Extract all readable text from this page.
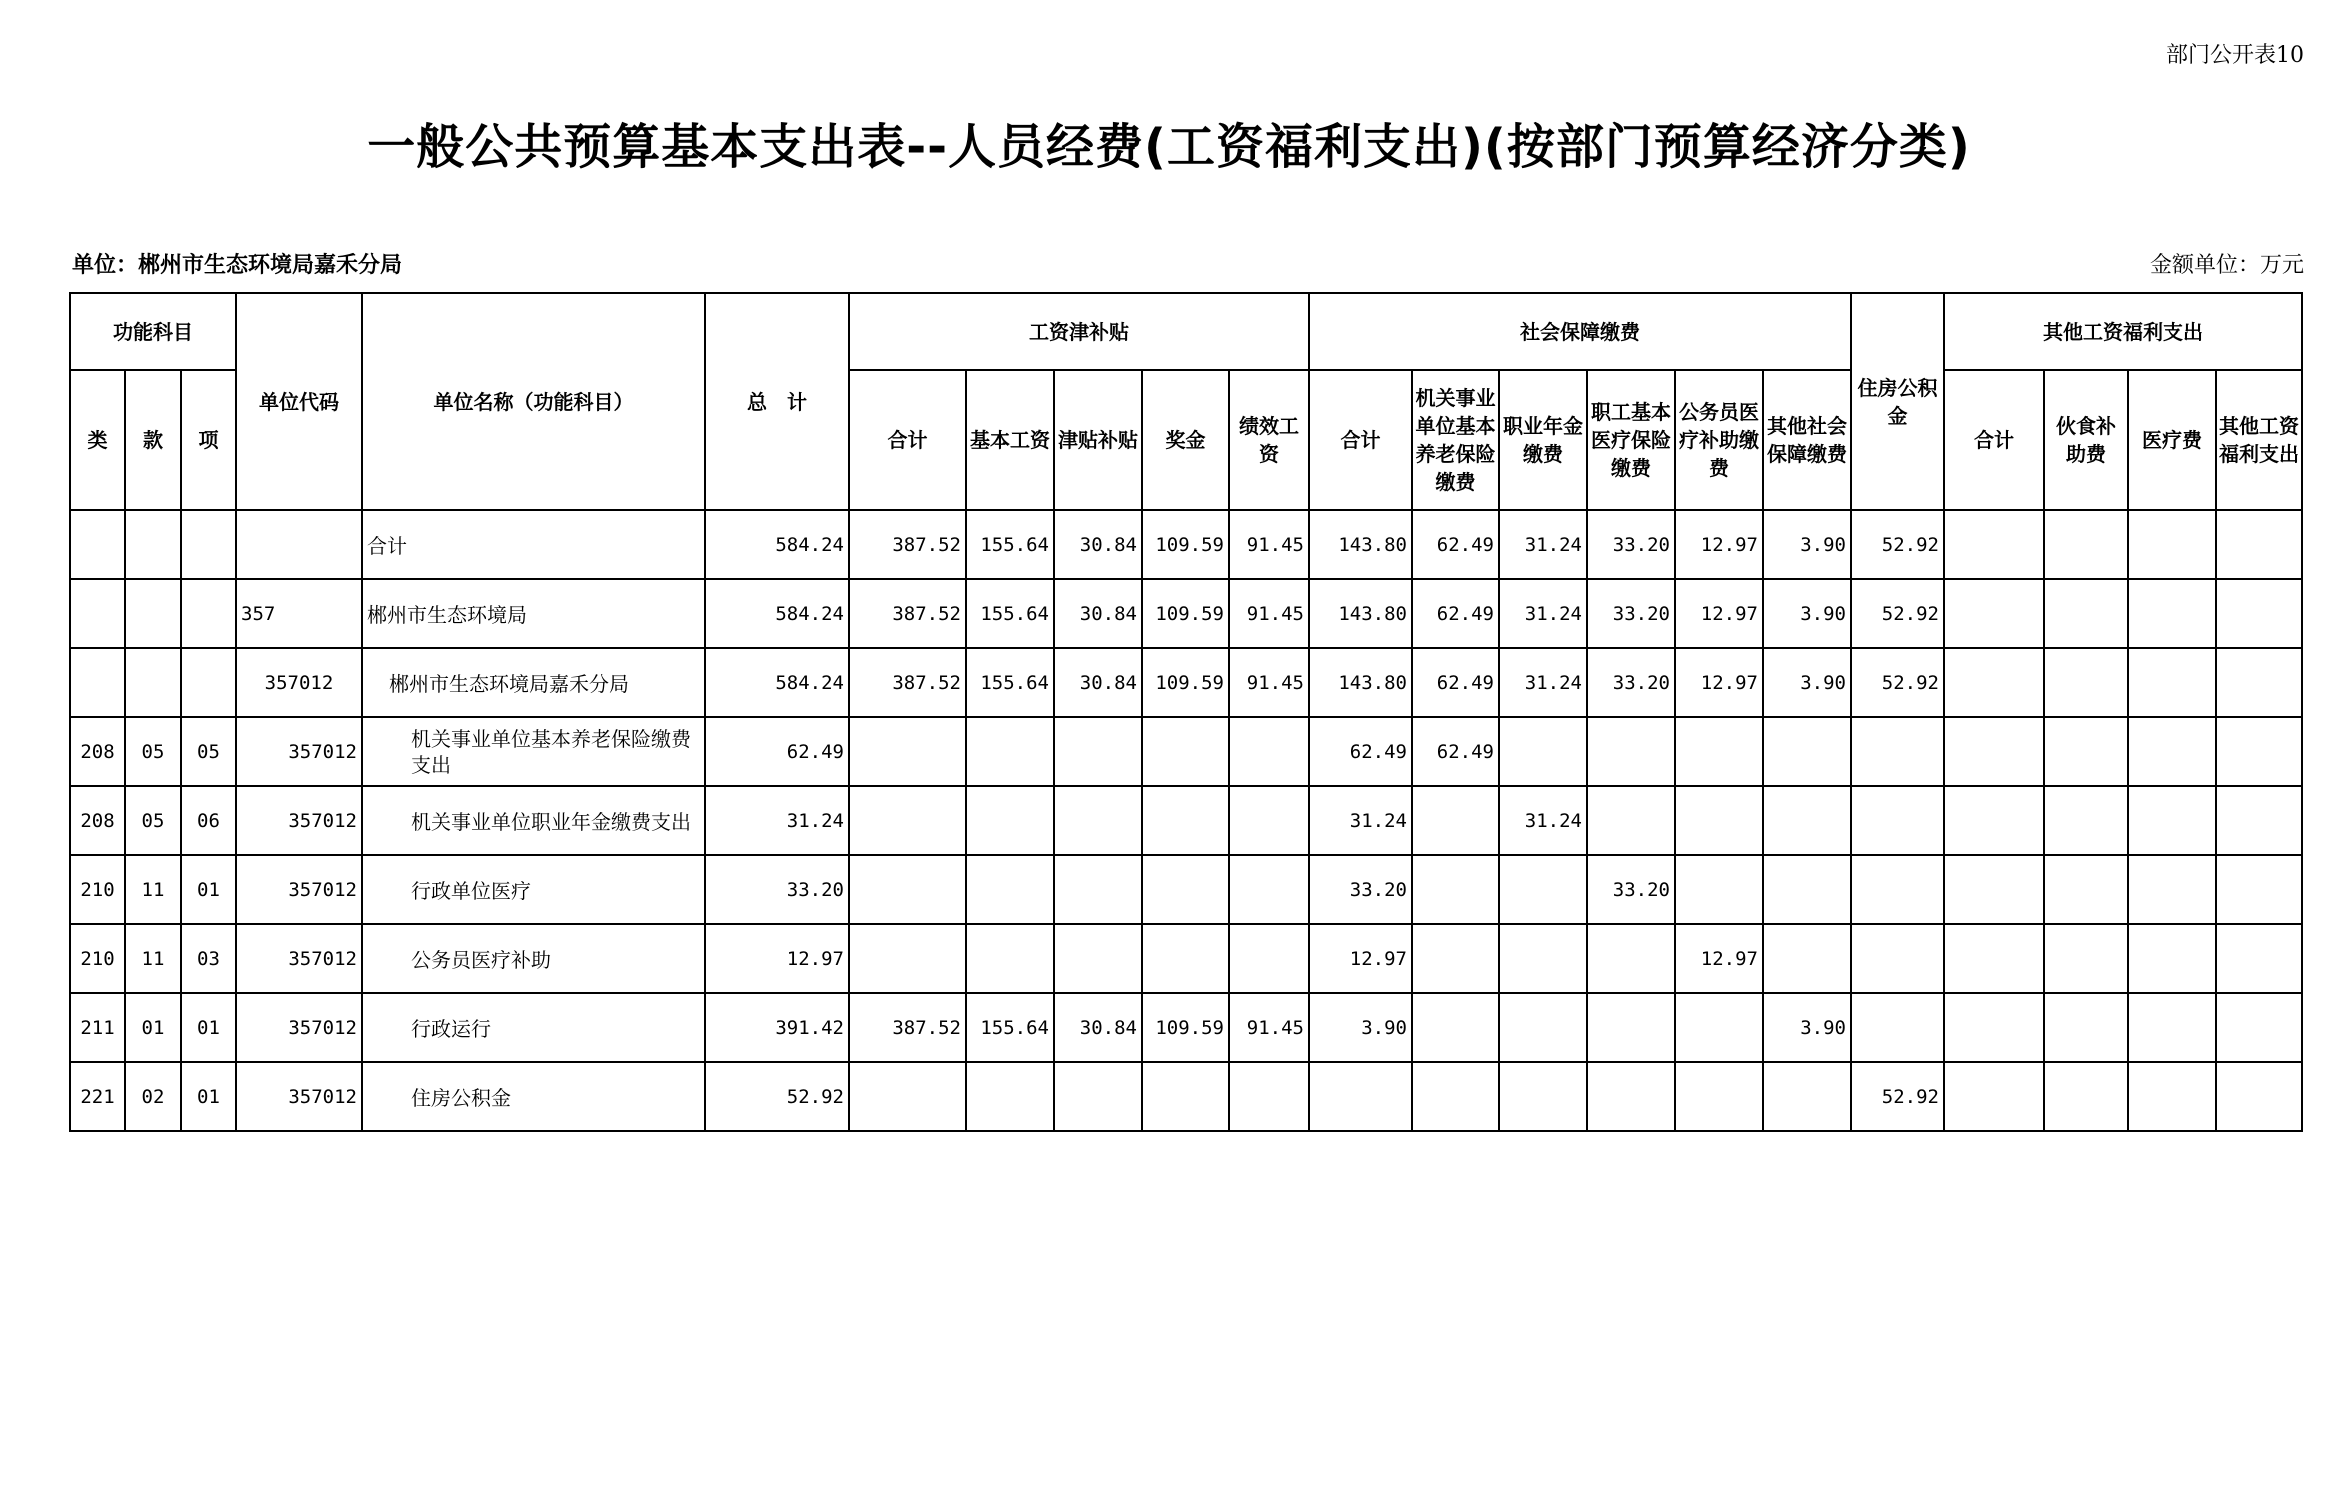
部门公开表10
一般公共预算基本支出表--人员经费(工资福利支出)(按部门预算经济分类)
单位：郴州市生态环境局嘉禾分局	金额单位：万元
功能科目			单位代码	单位名称（功能科目）	总　计	工资津补贴					社会保障缴费						住房公积金	其他工资福利支出			
类	款	项				合计	基本工资	津贴补贴	奖金	绩效工资	合计	机关事业单位基本养老保险缴费	职业年金缴费	职工基本医疗保险缴费	公务员医疗补助缴费	其他社会保障缴费		合计	伙食补助费	医疗费	其他工资福利支出
				合计	584.24	387.52	155.64	30.84	109.59	91.45	143.80	62.49	31.24	33.20	12.97	3.90	52.92				
			357	郴州市生态环境局	584.24	387.52	155.64	30.84	109.59	91.45	143.80	62.49	31.24	33.20	12.97	3.90	52.92				
			357012	郴州市生态环境局嘉禾分局	584.24	387.52	155.64	30.84	109.59	91.45	143.80	62.49	31.24	33.20	12.97	3.90	52.92				
208	05	05	357012	机关事业单位基本养老保险缴费支出	62.49						62.49	62.49									
208	05	06	357012	机关事业单位职业年金缴费支出	31.24						31.24		31.24								
210	11	01	357012	行政单位医疗	33.20						33.20			33.20							
210	11	03	357012	公务员医疗补助	12.97						12.97				12.97						
211	01	01	357012	行政运行	391.42	387.52	155.64	30.84	109.59	91.45	3.90					3.90					
221	02	01	357012	住房公积金	52.92												52.92				
